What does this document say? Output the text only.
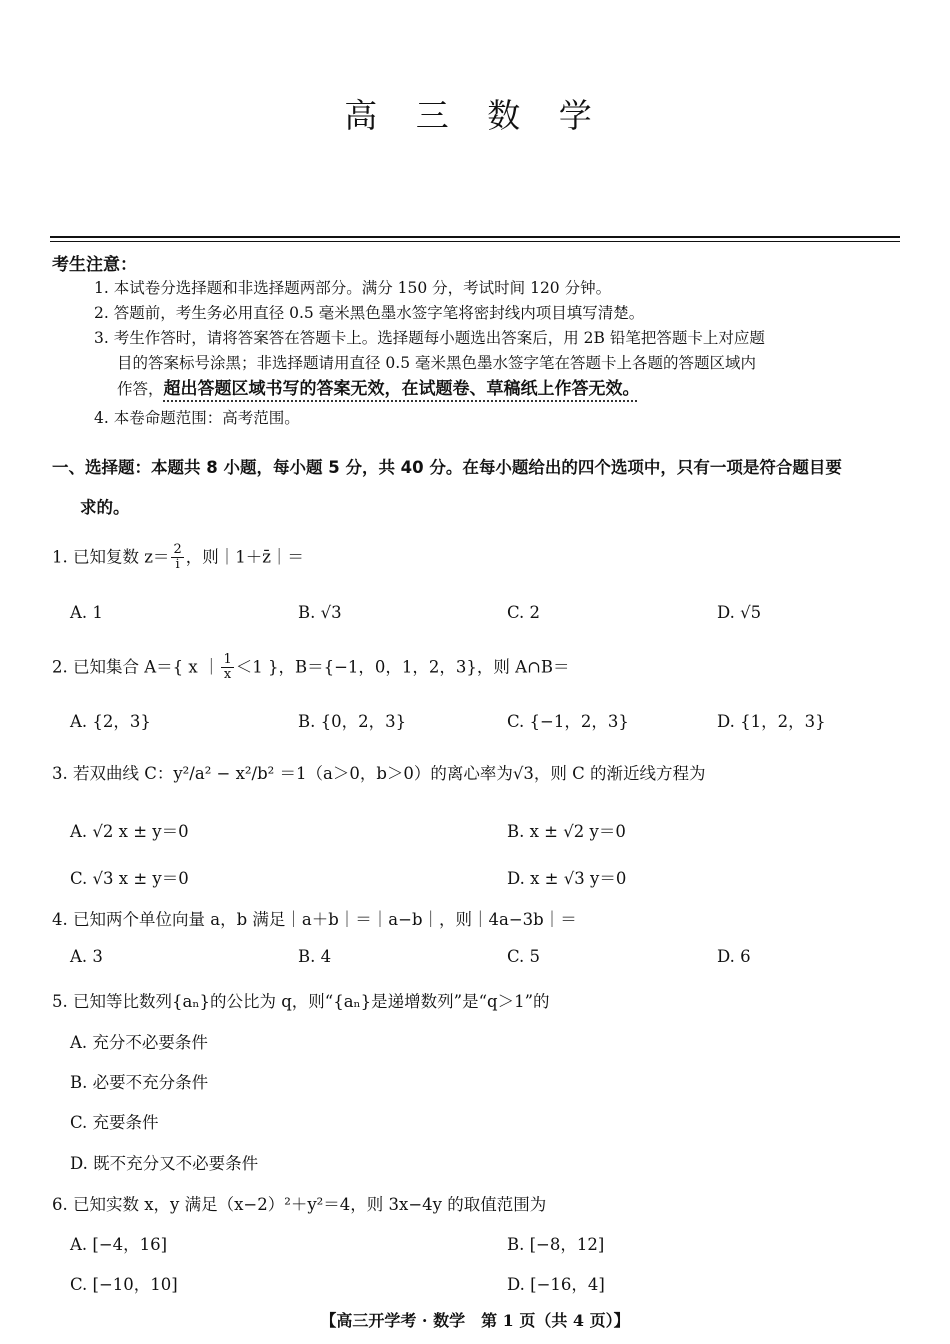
高 三 数 学
考生注意：
1. 本试卷分选择题和非选择题两部分。满分 150 分，考试时间 120 分钟。
2. 答题前，考生务必用直径 0.5 毫米黑色墨水签字笔将密封线内项目填写清楚。
3. 考生作答时，请将答案答在答题卡上。选择题每小题选出答案后，用 2B 铅笔把答题卡上对应题
目的答案标号涂黑；非选择题请用直径 0.5 毫米黑色墨水签字笔在答题卡上各题的答题区域内
作答，超出答题区域书写的答案无效，在试题卷、草稿纸上作答无效。
4. 本卷命题范围：高考范围。
一、选择题：本题共 8 小题，每小题 5 分，共 40 分。在每小题给出的四个选项中，只有一项是符合题目要
求的。
1. 已知复数 $z= \frac{2}{i}$ ，则｜1＋z̄｜＝
A. 1	B. √3	C. 2	D. √5
2. 已知集合 A＝{ x ｜ $\frac{1}{x} <1$ }，B＝{−1，0，1，2，3}，则 A∩B＝
A. {2，3}	B. {0，2，3}	C. {−1，2，3}	D. {1，2，3}
3. 若双曲线 C：y²/a² − x²/b² ＝1（a＞0，b＞0）的离心率为√3，则 C 的渐近线方程为
A. √2 x ± y＝0	B. x ± √2 y＝0
C. √3 x ± y＝0	D. x ± √3 y＝0
4. 已知两个单位向量 a，b 满足｜a＋b｜＝｜a−b｜，则｜4a−3b｜＝
A. 3	B. 4	C. 5	D. 6
5. 已知等比数列{aₙ}的公比为 q，则“{aₙ}是递增数列”是“q＞1”的
A. 充分不必要条件
B. 必要不充分条件
C. 充要条件
D. 既不充分又不必要条件
6. 已知实数 x，y 满足（x−2）²＋y²＝4，则 3x−4y 的取值范围为
A. [−4，16]	B. [−8，12]
C. [−10，10]	D. [−16，4]
【高三开学考 · 数学　第 1 页（共 4 页）】
